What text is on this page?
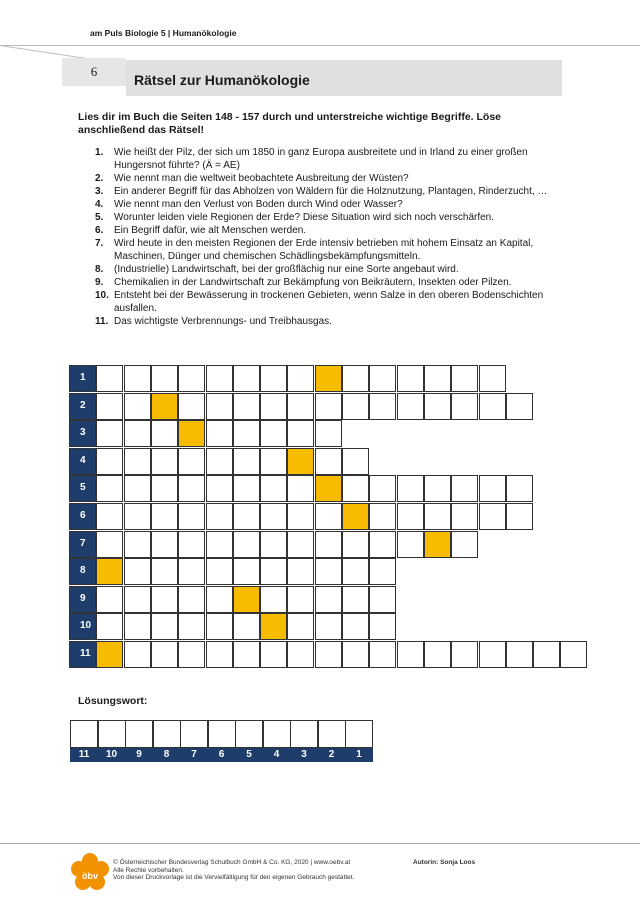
am Puls Biologie 5 | Humanökologie
6
Rätsel zur Humanökologie
Lies dir im Buch die Seiten 148 - 157 durch und unterstreiche wichtige Begriffe. Löse anschließend das Rätsel!
1. Wie heißt der Pilz, der sich um 1850 in ganz Europa ausbreitete und in Irland zu einer großen Hungersnot führte? (Ä = AE)
2. Wie nennt man die weltweit beobachtete Ausbreitung der Wüsten?
3. Ein anderer Begriff für das Abholzen von Wäldern für die Holznutzung, Plantagen, Rinderzucht, …
4. Wie nennt man den Verlust von Boden durch Wind oder Wasser?
5. Worunter leiden viele Regionen der Erde? Diese Situation wird sich noch verschärfen.
6. Ein Begriff dafür, wie alt Menschen werden.
7. Wird heute in den meisten Regionen der Erde intensiv betrieben mit hohem Einsatz an Kapital, Maschinen, Dünger und chemischen Schädlingsbekämpfungsmitteln.
8. (Industrielle) Landwirtschaft, bei der großflächig nur eine Sorte angebaut wird.
9. Chemikalien in der Landwirtschaft zur Bekämpfung von Beikräutern, Insekten oder Pilzen.
10. Entsteht bei der Bewässerung in trockenen Gebieten, wenn Salze in den oberen Bodenschichten ausfallen.
11. Das wichtigste Verbrennungs- und Treibhausgas.
1
2
3
4
5
6
7
8
9
10
11
Lösungswort:
11	10	9	8	7	6	5	4	3	2	1
öbv
© Österreichischer Bundesverlag Schulbuch GmbH & Co. KG, 2020 | www.oebv.at
Alle Rechte vorbehalten.
Von dieser Druckvorlage ist die Vervielfältigung für den eigenen Gebrauch gestattet.
Autorin: Sonja Loos
